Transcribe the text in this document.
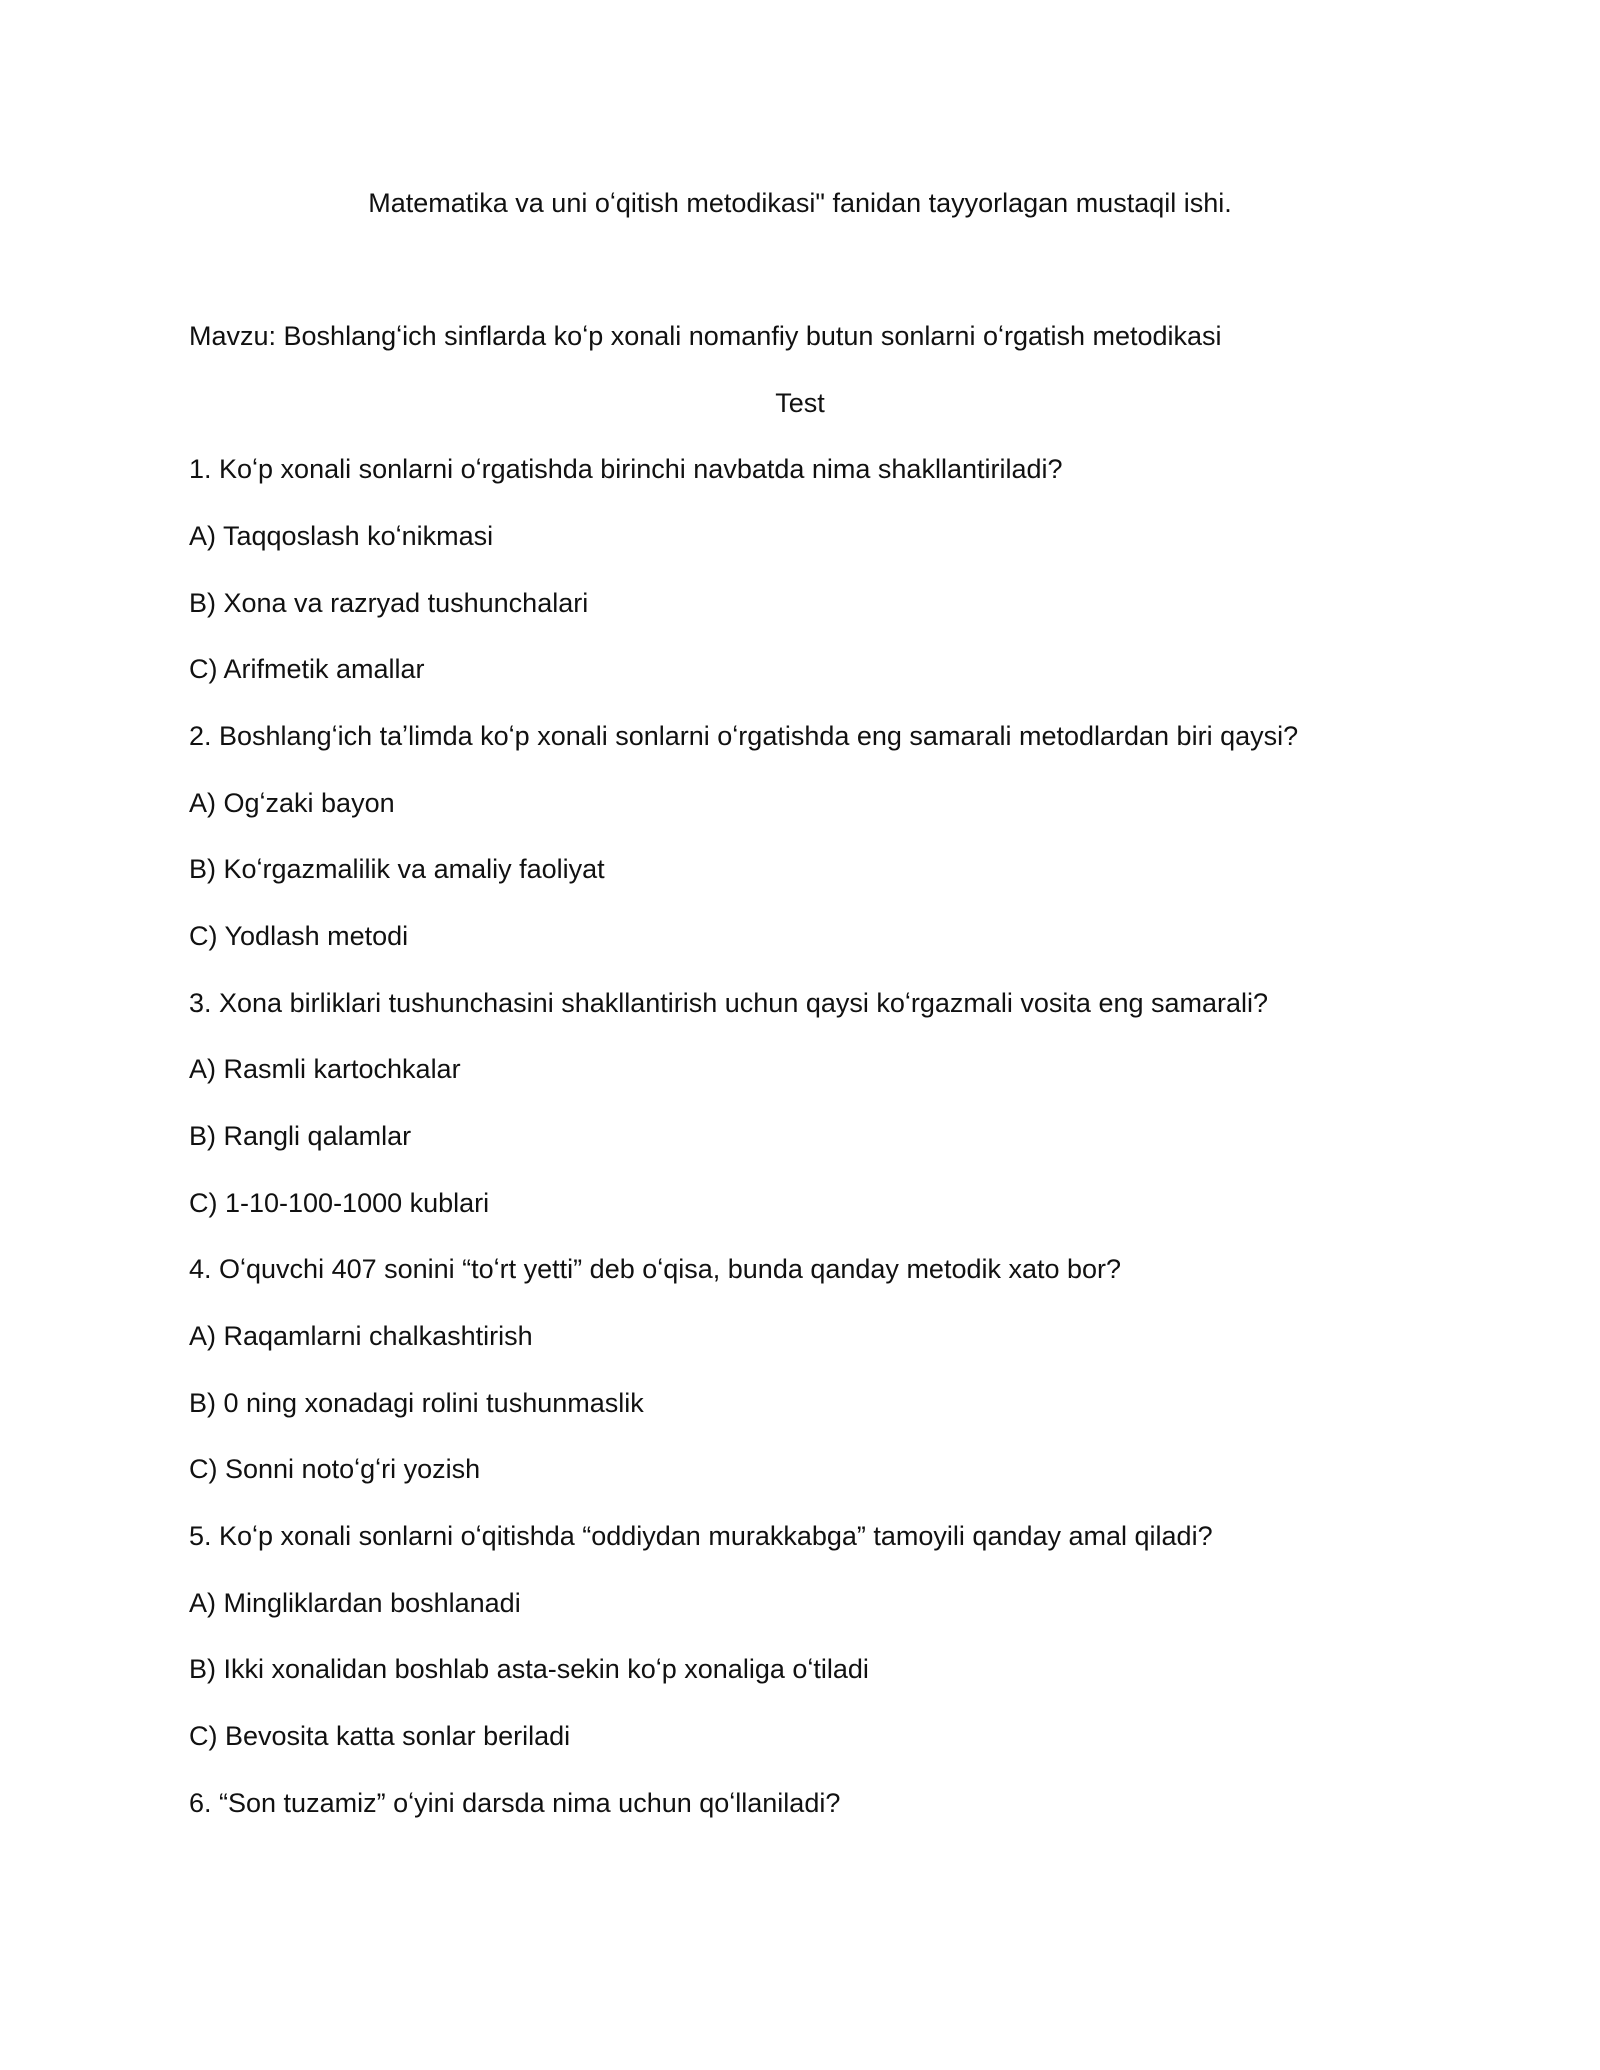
Matematika va uni oʻqitish metodikasi" fanidan tayyorlagan mustaqil ishi.

Mavzu: Boshlangʻich sinflarda koʻp xonali nomanfiy butun sonlarni oʻrgatish metodikasi

Test

1. Koʻp xonali sonlarni oʻrgatishda birinchi navbatda nima shakllantiriladi?

A) Taqqoslash koʻnikmasi

B) Xona va razryad tushunchalari

C) Arifmetik amallar

2. Boshlangʻich taʼlimda koʻp xonali sonlarni oʻrgatishda eng samarali metodlardan biri qaysi?

A) Ogʻzaki bayon

B) Koʻrgazmalilik va amaliy faoliyat

C) Yodlash metodi

3. Xona birliklari tushunchasini shakllantirish uchun qaysi koʻrgazmali vosita eng samarali?

A) Rasmli kartochkalar

B) Rangli qalamlar

C) 1-10-100-1000 kublari

4. Oʻquvchi 407 sonini “toʻrt yetti” deb oʻqisa, bunda qanday metodik xato bor?

A) Raqamlarni chalkashtirish

B) 0 ning xonadagi rolini tushunmaslik

C) Sonni notoʻgʻri yozish

5. Koʻp xonali sonlarni oʻqitishda “oddiydan murakkabga” tamoyili qanday amal qiladi?

A) Mingliklardan boshlanadi

B) Ikki xonalidan boshlab asta-sekin koʻp xonaliga oʻtiladi

C) Bevosita katta sonlar beriladi

6. “Son tuzamiz” oʻyini darsda nima uchun qoʻllaniladi?
